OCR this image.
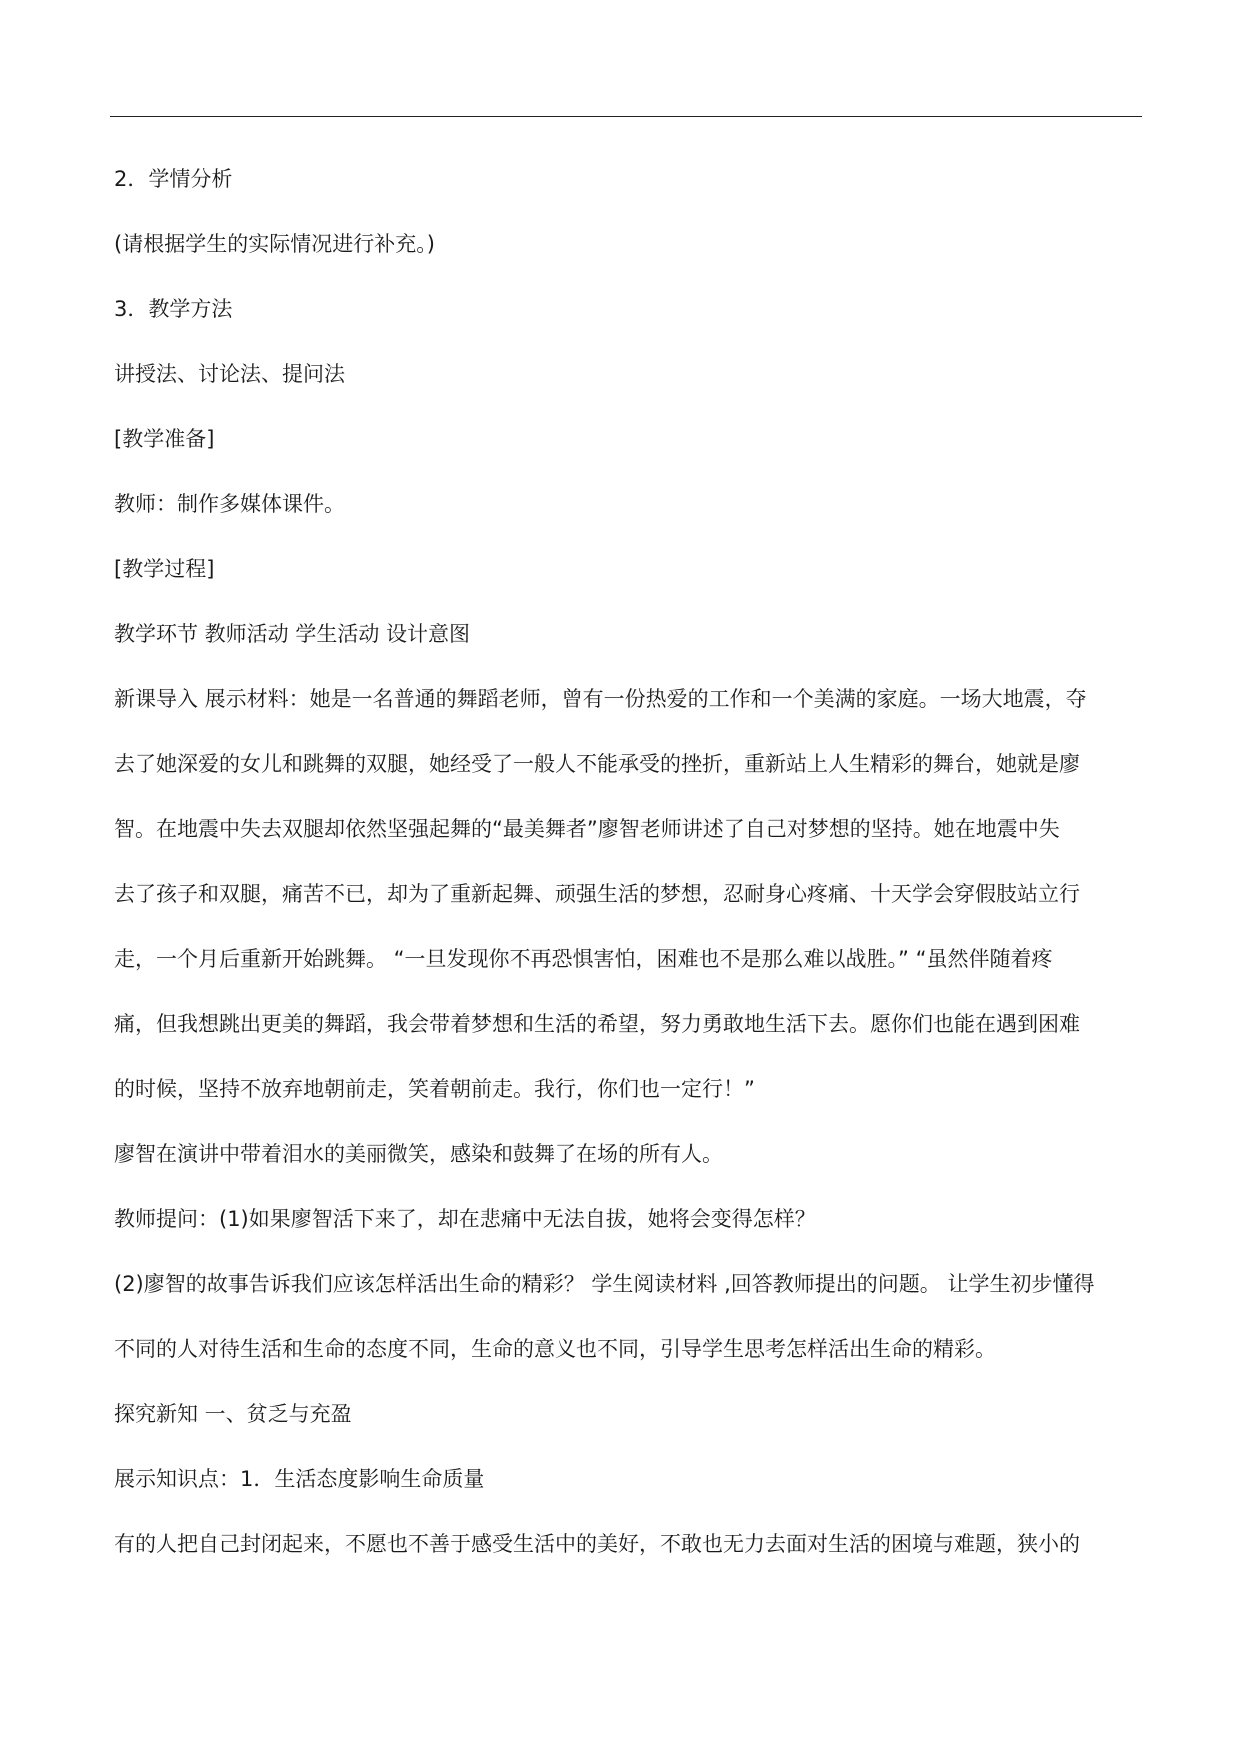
2．学情分析

(请根据学生的实际情况进行补充。)

3．教学方法

讲授法、讨论法、提问法

[教学准备]

教师：制作多媒体课件。

[教学过程]

教学环节 教师活动 学生活动 设计意图

新课导入 展示材料：她是一名普通的舞蹈老师，曾有一份热爱的工作和一个美满的家庭。一场大地震，夺
去了她深爱的女儿和跳舞的双腿，她经受了一般人不能承受的挫折，重新站上人生精彩的舞台，她就是廖
智。在地震中失去双腿却依然坚强起舞的“最美舞者”廖智老师讲述了自己对梦想的坚持。她在地震中失
去了孩子和双腿，痛苦不已，却为了重新起舞、顽强生活的梦想，忍耐身心疼痛、十天学会穿假肢站立行
走，一个月后重新开始跳舞。 “一旦发现你不再恐惧害怕，困难也不是那么难以战胜。” “虽然伴随着疼
痛，但我想跳出更美的舞蹈，我会带着梦想和生活的希望，努力勇敢地生活下去。愿你们也能在遇到困难
的时候，坚持不放弃地朝前走，笑着朝前走。我行，你们也一定行！”

廖智在演讲中带着泪水的美丽微笑，感染和鼓舞了在场的所有人。

教师提问：(1)如果廖智活下来了，却在悲痛中无法自拔，她将会变得怎样？

(2)廖智的故事告诉我们应该怎样活出生命的精彩？ 学生阅读材料 ,回答教师提出的问题。 让学生初步懂得
不同的人对待生活和生命的态度不同，生命的意义也不同，引导学生思考怎样活出生命的精彩。

探究新知 一、贫乏与充盈

展示知识点：1．生活态度影响生命质量

有的人把自己封闭起来，不愿也不善于感受生活中的美好，不敢也无力去面对生活的困境与难题，狭小的
